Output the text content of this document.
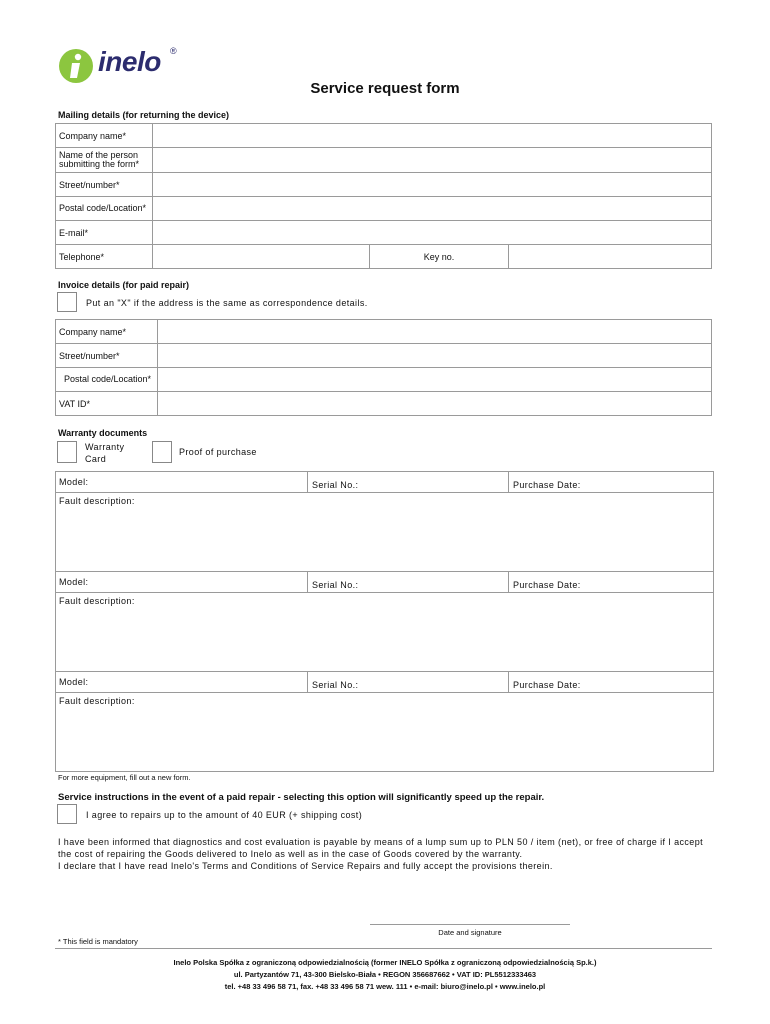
inelo ®
Service request form
Mailing details (for returning the device)
Company name*			
Name of the person submitting the form*			
Street/number*			
Postal code/Location*			
E-mail*			
Telephone*		Key no.	
Invoice details (for paid repair)
Put an "X" if the address is the same as correspondence details.
Company name*	
Street/number*	
Postal code/Location*	
VAT ID*	
Warranty documents
Warranty Card
Proof of purchase
Model:	Serial No.:	Purchase Date:
Fault description:
Model:	Serial No.:	Purchase Date:
Fault description:
Model:	Serial No.:	Purchase Date:
Fault description:
For more equipment, fill out a new form.
Service instructions in the event of a paid repair - selecting this option will significantly speed up the repair.
I agree to repairs up to the amount of 40 EUR (+ shipping cost)
I have been informed that diagnostics and cost evaluation is payable by means of a lump sum up to PLN 50 / item (net), or free of charge if I accept the cost of repairing the Goods delivered to Inelo as well as in the case of Goods covered by the warranty.
I declare that I have read Inelo's Terms and Conditions of Service Repairs and fully accept the provisions therein.
Date and signature
* This field is mandatory
Inelo Polska Spółka z ograniczoną odpowiedzialnością (former INELO Spółka z ograniczoną odpowiedzialnością Sp.k.)
ul. Partyzantów 71, 43-300 Bielsko-Biała • REGON 356687662 • VAT ID: PL5512333463
tel. +48 33 496 58 71, fax. +48 33 496 58 71 wew. 111 • e-mail: biuro@inelo.pl • www.inelo.pl
